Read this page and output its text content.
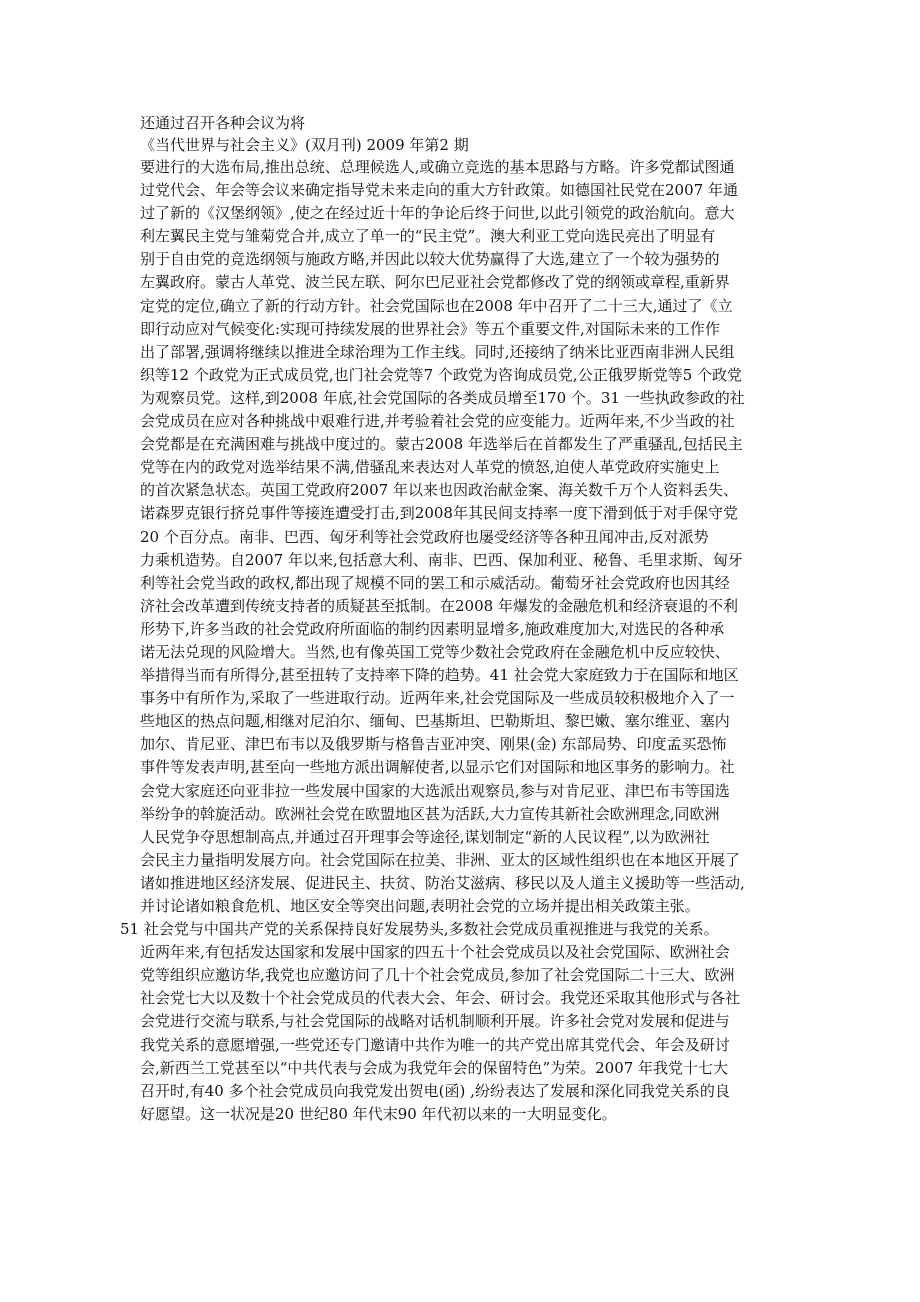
还通过召开各种会议为将
《当代世界与社会主义》(双月刊) 2009 年第2 期
要进行的大选布局,推出总统、总理候选人,或确立竞选的基本思路与方略。许多党都试图通
过党代会、年会等会议来确定指导党未来走向的重大方针政策。如德国社民党在2007 年通
过了新的《汉堡纲领》,使之在经过近十年的争论后终于问世,以此引领党的政治航向。意大
利左翼民主党与雏菊党合并,成立了单一的“民主党”。澳大利亚工党向选民亮出了明显有
别于自由党的竞选纲领与施政方略,并因此以较大优势赢得了大选,建立了一个较为强势的
左翼政府。蒙古人革党、波兰民左联、阿尔巴尼亚社会党都修改了党的纲领或章程,重新界
定党的定位,确立了新的行动方针。社会党国际也在2008 年中召开了二十三大,通过了《立
即行动应对气候变化:实现可持续发展的世界社会》等五个重要文件,对国际未来的工作作
出了部署,强调将继续以推进全球治理为工作主线。同时,还接纳了纳米比亚西南非洲人民组
织等12 个政党为正式成员党,也门社会党等7 个政党为咨询成员党,公正俄罗斯党等5 个政党
为观察员党。这样,到2008 年底,社会党国际的各类成员增至170 个。31 一些执政参政的社
会党成员在应对各种挑战中艰难行进,并考验着社会党的应变能力。近两年来,不少当政的社
会党都是在充满困难与挑战中度过的。蒙古2008 年选举后在首都发生了严重骚乱,包括民主
党等在内的政党对选举结果不满,借骚乱来表达对人革党的愤怒,迫使人革党政府实施史上
的首次紧急状态。英国工党政府2007 年以来也因政治献金案、海关数千万个人资料丢失、
诺森罗克银行挤兑事件等接连遭受打击,到2008年其民间支持率一度下滑到低于对手保守党
20 个百分点。南非、巴西、匈牙利等社会党政府也屡受经济等各种丑闻冲击,反对派势
力乘机造势。自2007 年以来,包括意大利、南非、巴西、保加利亚、秘鲁、毛里求斯、匈牙
利等社会党当政的政权,都出现了规模不同的罢工和示威活动。葡萄牙社会党政府也因其经
济社会改革遭到传统支持者的质疑甚至抵制。在2008 年爆发的金融危机和经济衰退的不利
形势下,许多当政的社会党政府所面临的制约因素明显增多,施政难度加大,对选民的各种承
诺无法兑现的风险增大。当然,也有像英国工党等少数社会党政府在金融危机中反应较快、
举措得当而有所得分,甚至扭转了支持率下降的趋势。41 社会党大家庭致力于在国际和地区
事务中有所作为,采取了一些进取行动。近两年来,社会党国际及一些成员较积极地介入了一
些地区的热点问题,相继对尼泊尔、缅甸、巴基斯坦、巴勒斯坦、黎巴嫩、塞尔维亚、塞内
加尔、肯尼亚、津巴布韦以及俄罗斯与格鲁吉亚冲突、刚果(金) 东部局势、印度孟买恐怖
事件等发表声明,甚至向一些地方派出调解使者,以显示它们对国际和地区事务的影响力。社
会党大家庭还向亚非拉一些发展中国家的大选派出观察员,参与对肯尼亚、津巴布韦等国选
举纷争的斡旋活动。欧洲社会党在欧盟地区甚为活跃,大力宣传其新社会欧洲理念,同欧洲
人民党争夺思想制高点,并通过召开理事会等途径,谋划制定“新的人民议程”,以为欧洲社
会民主力量指明发展方向。社会党国际在拉美、非洲、亚太的区域性组织也在本地区开展了
诸如推进地区经济发展、促进民主、扶贫、防治艾滋病、移民以及人道主义援助等一些活动,
并讨论诸如粮食危机、地区安全等突出问题,表明社会党的立场并提出相关政策主张。
51 社会党与中国共产党的关系保持良好发展势头,多数社会党成员重视推进与我党的关系。
近两年来,有包括发达国家和发展中国家的四五十个社会党成员以及社会党国际、欧洲社会
党等组织应邀访华,我党也应邀访问了几十个社会党成员,参加了社会党国际二十三大、欧洲
社会党七大以及数十个社会党成员的代表大会、年会、研讨会。我党还采取其他形式与各社
会党进行交流与联系,与社会党国际的战略对话机制顺利开展。许多社会党对发展和促进与
我党关系的意愿增强,一些党还专门邀请中共作为唯一的共产党出席其党代会、年会及研讨
会,新西兰工党甚至以“中共代表与会成为我党年会的保留特色”为荣。2007 年我党十七大
召开时,有40 多个社会党成员向我党发出贺电(函) ,纷纷表达了发展和深化同我党关系的良
好愿望。这一状况是20 世纪80 年代末90 年代初以来的一大明显变化。
